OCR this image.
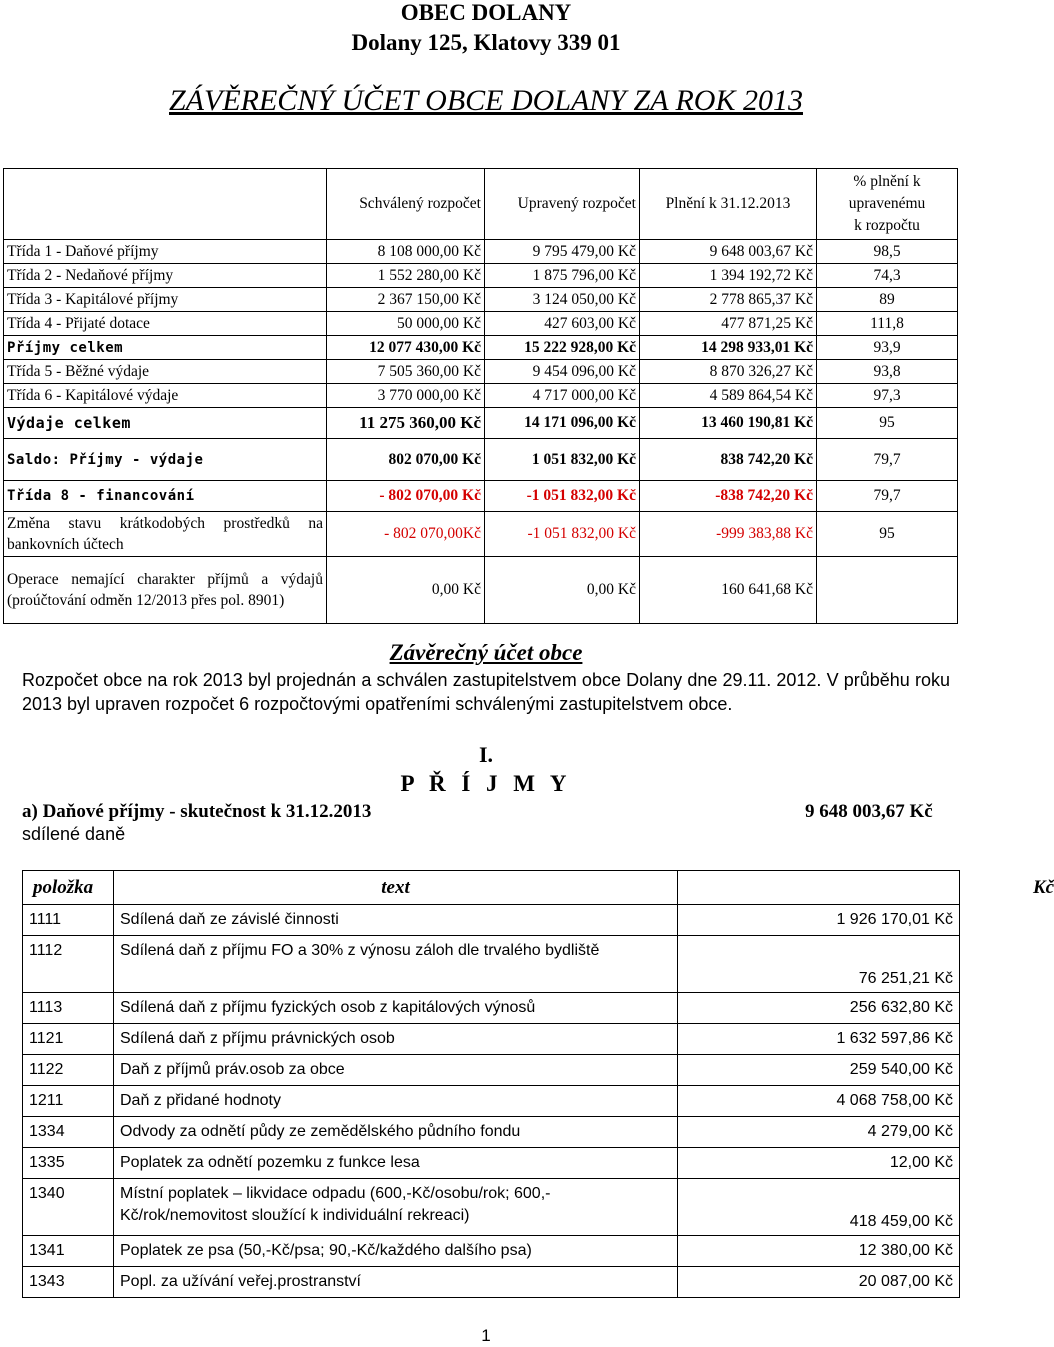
OBEC DOLANY
Dolany 125, Klatovy 339 01
ZÁVĚREČNÝ ÚČET OBCE DOLANY ZA ROK 2013
	Schválený rozpočet	Upravený rozpočet	Plnění k 31.12.2013	% plnění k
upravenému
k rozpočtu

Třída 1 - Daňové příjmy	8 108 000,00 Kč	9 795 479,00 Kč	9 648 003,67 Kč	98,5
Třída 2 - Nedaňové příjmy	1 552 280,00 Kč	1 875 796,00 Kč	1 394 192,72 Kč	74,3
Třída 3 - Kapitálové příjmy	2 367 150,00 Kč	3 124 050,00 Kč	2 778 865,37 Kč	89
Třída 4 - Přijaté dotace	50 000,00 Kč	427 603,00 Kč	477 871,25 Kč	111,8
Příjmy celkem	12 077 430,00 Kč	15 222 928,00 Kč	14 298 933,01 Kč	93,9
Třída 5 - Běžné výdaje	7 505 360,00 Kč	9 454 096,00 Kč	8 870 326,27 Kč	93,8
Třída 6 - Kapitálové výdaje	3 770 000,00 Kč	4 717 000,00 Kč	4 589 864,54 Kč	97,3
Výdaje celkem	11 275 360,00 Kč	14 171 096,00 Kč	13 460 190,81 Kč	95
Saldo: Příjmy - výdaje	802 070,00 Kč	1 051 832,00 Kč	838 742,20 Kč	79,7
Třída 8 - financování	- 802 070,00 Kč	-1 051 832,00 Kč	-838 742,20 Kč	79,7
Změna stavu krátkodobých prostředků na bankovních účtech	- 802 070,00Kč	-1 051 832,00 Kč	-999 383,88 Kč	95
Operace nemající charakter příjmů a výdajů (proúčtování odměn 12/2013 přes pol. 8901)	0,00 Kč	0,00 Kč	160 641,68 Kč	
Závěrečný účet obce
Rozpočet obce na rok 2013 byl projednán a schválen zastupitelstvem obce Dolany dne 29.11. 2012. V průběhu roku 2013 byl upraven rozpočet 6 rozpočtovými opatřeními schválenými zastupitelstvem obce.
I.
P Ř Í J M Y
a) Daňové příjmy - skutečnost k 31.12.2013	9 648 003,67 Kč
sdílené daně
položka	text	Kč
1111	Sdílená daň ze závislé činnosti	1 926 170,01 Kč
1112	Sdílená daň z příjmu FO a 30% z výnosu záloh dle trvalého bydliště	76 251,21 Kč
1113	Sdílená daň z příjmu fyzických osob z kapitálových výnosů	256 632,80 Kč
1121	Sdílená daň z příjmu právnických osob	1 632 597,86 Kč
1122	Daň z příjmů práv.osob za obce	259 540,00 Kč
1211	Daň z přidané hodnoty	4 068 758,00 Kč
1334	Odvody za odnětí půdy ze zemědělského půdního fondu	4 279,00 Kč
1335	Poplatek za odnětí pozemku z funkce lesa	12,00 Kč
1340	Místní poplatek – likvidace odpadu (600,-Kč/osobu/rok; 600,-Kč/rok/nemovitost sloužící k individuální rekreaci)	418 459,00 Kč
1341	Poplatek ze psa (50,-Kč/psa; 90,-Kč/každého dalšího psa)	12 380,00 Kč
1343	Popl. za užívání veřej.prostranství	20 087,00 Kč
1
